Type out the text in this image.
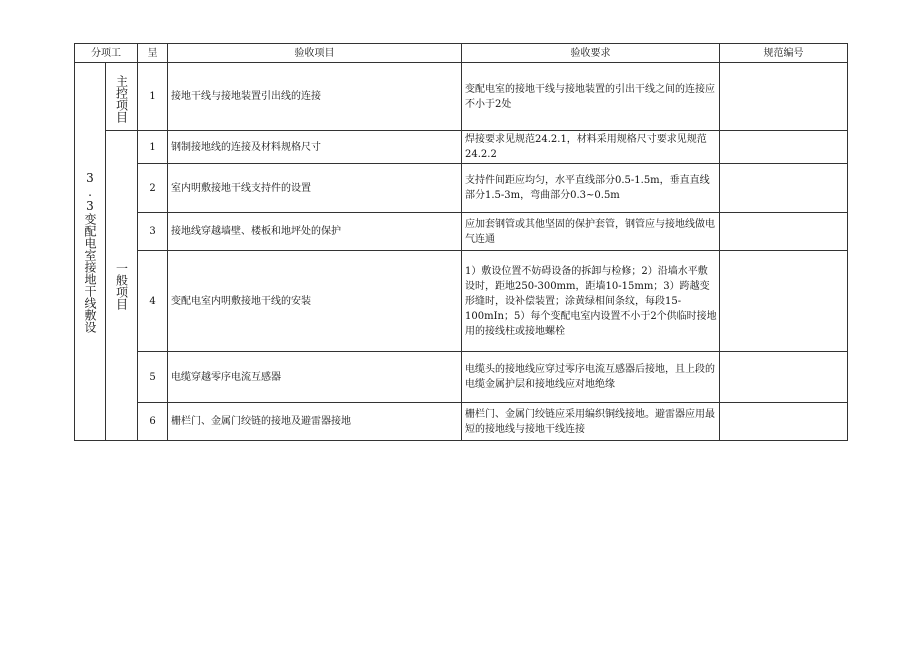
分项工		呈	验收项目	验收要求	规范编号

3.3变配电室接地干线敷设	主控项目	1	接地干线与接地装置引出线的连接	变配电室的接地干线与接地装置的引出干线之间的连接应不小于2处	

	一般项目	1	钢制接地线的连接及材料规格尺寸	焊接要求见规范24.2.1，材料采用规格尺寸要求见规范24.2.2	
		2	室内明敷接地干线支持件的设置	支持件间距应均匀，水平直线部分0.5-1.5m，垂直直线部分1.5-3m，弯曲部分0.3~0.5m	
		3	接地线穿越墙壁、楼板和地坪处的保护	应加套钢管或其他坚固的保护套管，钢管应与接地线做电气连通	
		4	变配电室内明敷接地干线的安装	1）敷设位置不妨碍设备的拆卸与检修；2）沿墙水平敷设时，距地250-300mm，距墙10-15mm；3）跨越变形缝时，设补偿装置；涂黄绿相间条纹，每段15-100mIn；5）每个变配电室内设置不小于2个供临时接地用的接线柱或接地螺栓	
		5	电缆穿越零序电流互感器	电缆头的接地线应穿过零序电流互感器后接地，且上段的电缆金属护层和接地线应对地绝缘	
		6	栅栏门、金属门绞链的接地及避雷器接地	栅栏门、金属门绞链应采用编织铜线接地。避雷器应用最短的接地线与接地干线连接	
